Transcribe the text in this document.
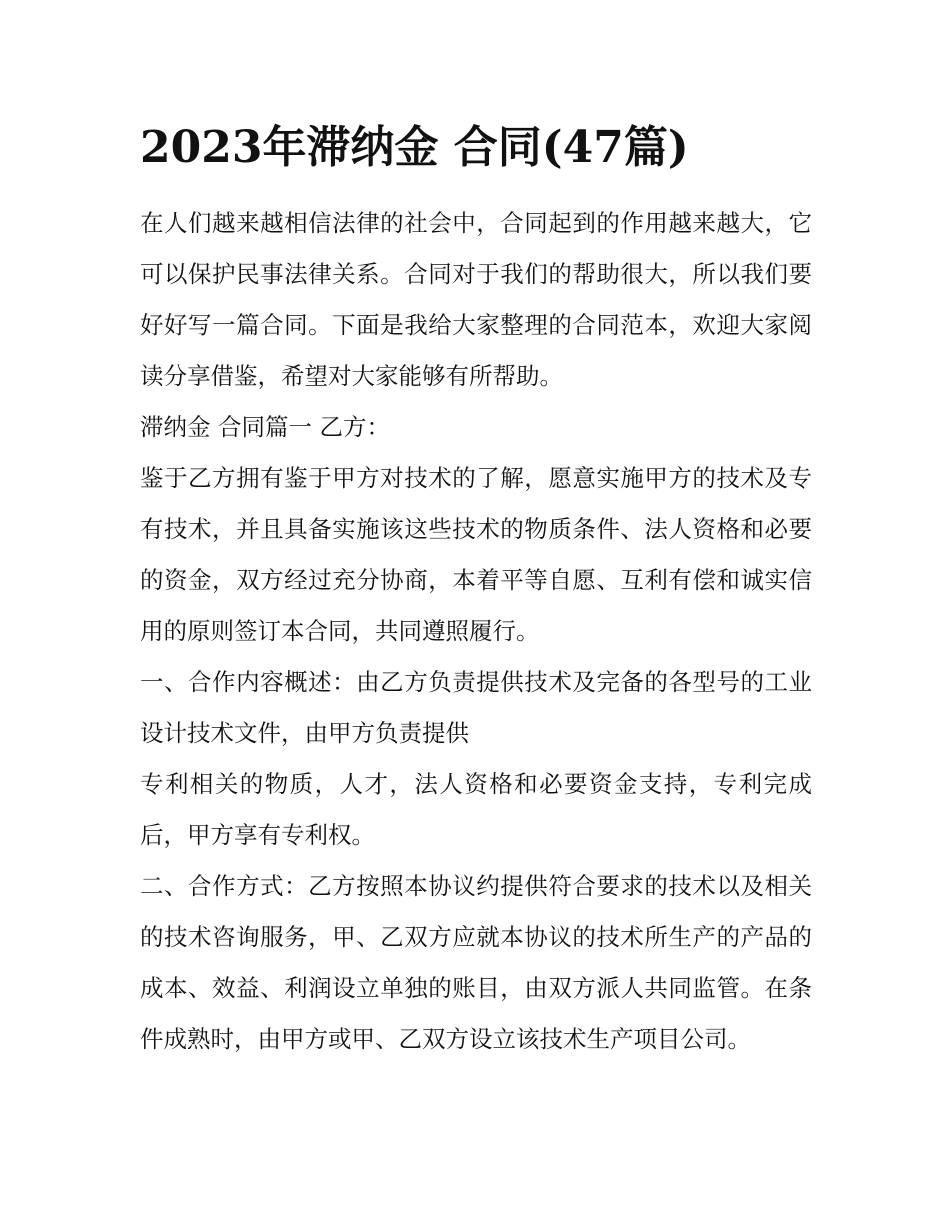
2023年滞纳金 合同(47篇)

在人们越来越相信法律的社会中，合同起到的作用越来越大，它可以保护民事法律关系。合同对于我们的帮助很大，所以我们要好好写一篇合同。下面是我给大家整理的合同范本，欢迎大家阅读分享借鉴，希望对大家能够有所帮助。

滞纳金 合同篇一 乙方：

鉴于乙方拥有鉴于甲方对技术的了解，愿意实施甲方的技术及专有技术，并且具备实施该这些技术的物质条件、法人资格和必要的资金，双方经过充分协商，本着平等自愿、互利有偿和诚实信用的原则签订本合同，共同遵照履行。

一、合作内容概述：由乙方负责提供技术及完备的各型号的工业设计技术文件，由甲方负责提供

专利相关的物质，人才，法人资格和必要资金支持，专利完成后，甲方享有专利权。

二、合作方式：乙方按照本协议约提供符合要求的技术以及相关的技术咨询服务，甲、乙双方应就本协议的技术所生产的产品的成本、效益、利润设立单独的账目，由双方派人共同监管。在条件成熟时，由甲方或甲、乙双方设立该技术生产项目公司。
